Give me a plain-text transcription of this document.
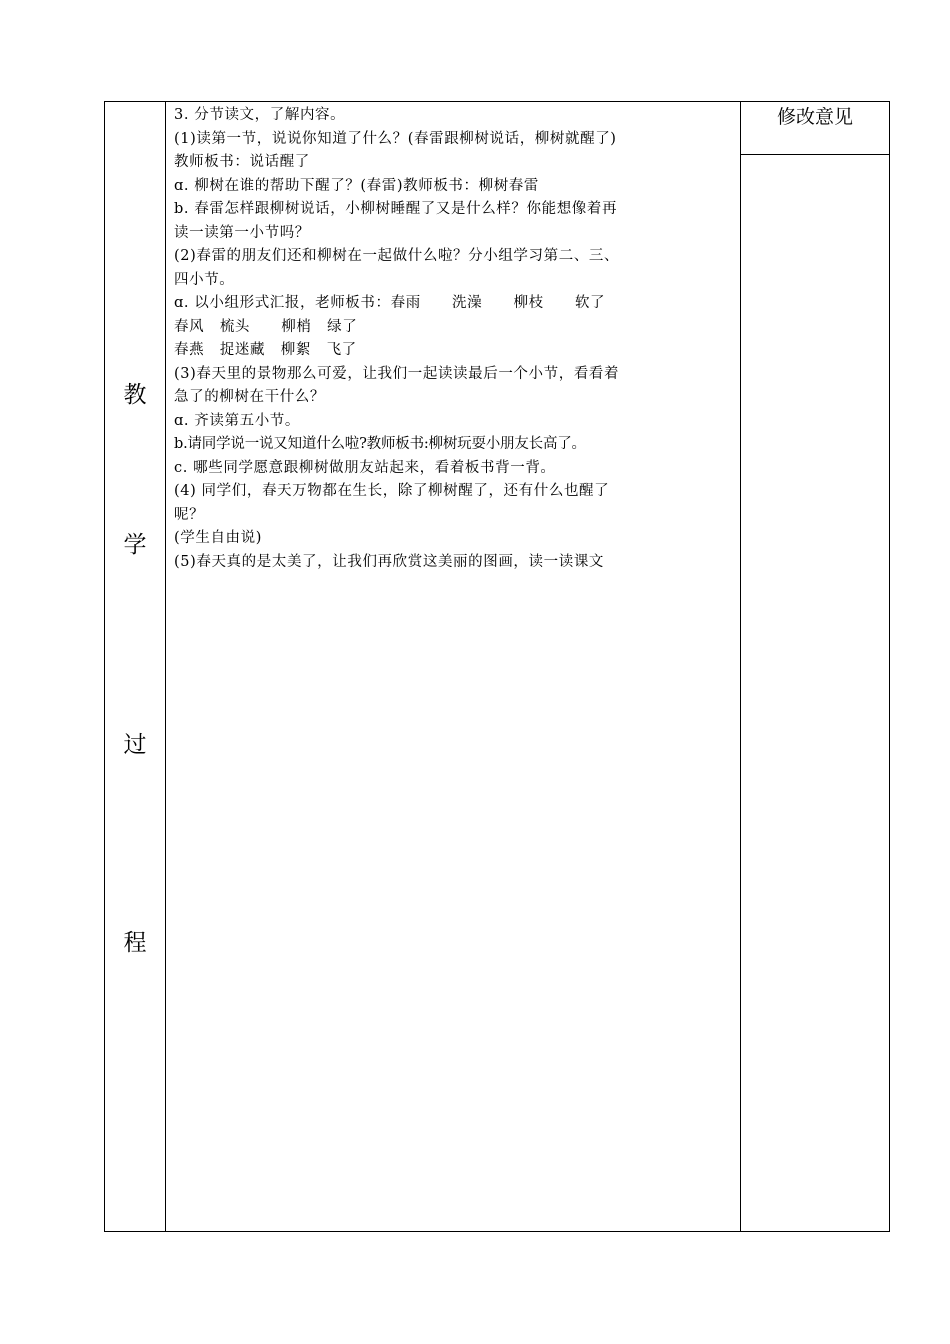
教
学
过
程
修改意见
3. 分节读文，了解内容。
(1)读第一节，说说你知道了什么？(春雷跟柳树说话，柳树就醒了)
教师板书：说话醒了
ɑ. 柳树在谁的帮助下醒了？(春雷)教师板书：柳树春雷
b. 春雷怎样跟柳树说话，小柳树睡醒了又是什么样？你能想像着再
读一读第一小节吗？
(2)春雷的朋友们还和柳树在一起做什么啦？分小组学习第二、三、
四小节。
ɑ. 以小组形式汇报，老师板书：春雨      洗澡      柳枝      软了
春风   梳头      柳梢   绿了
春燕   捉迷藏   柳絮   飞了
(3)春天里的景物那么可爱，让我们一起读读最后一个小节，看看着
急了的柳树在干什么？
ɑ. 齐读第五小节。
b.请同学说一说又知道什么啦?教师板书:柳树玩耍小朋友长高了。
c. 哪些同学愿意跟柳树做朋友站起来，看着板书背一背。
(4) 同学们，春天万物都在生长，除了柳树醒了，还有什么也醒了
呢？
(学生自由说)
(5)春天真的是太美了，让我们再欣赏这美丽的图画，读一读课文
